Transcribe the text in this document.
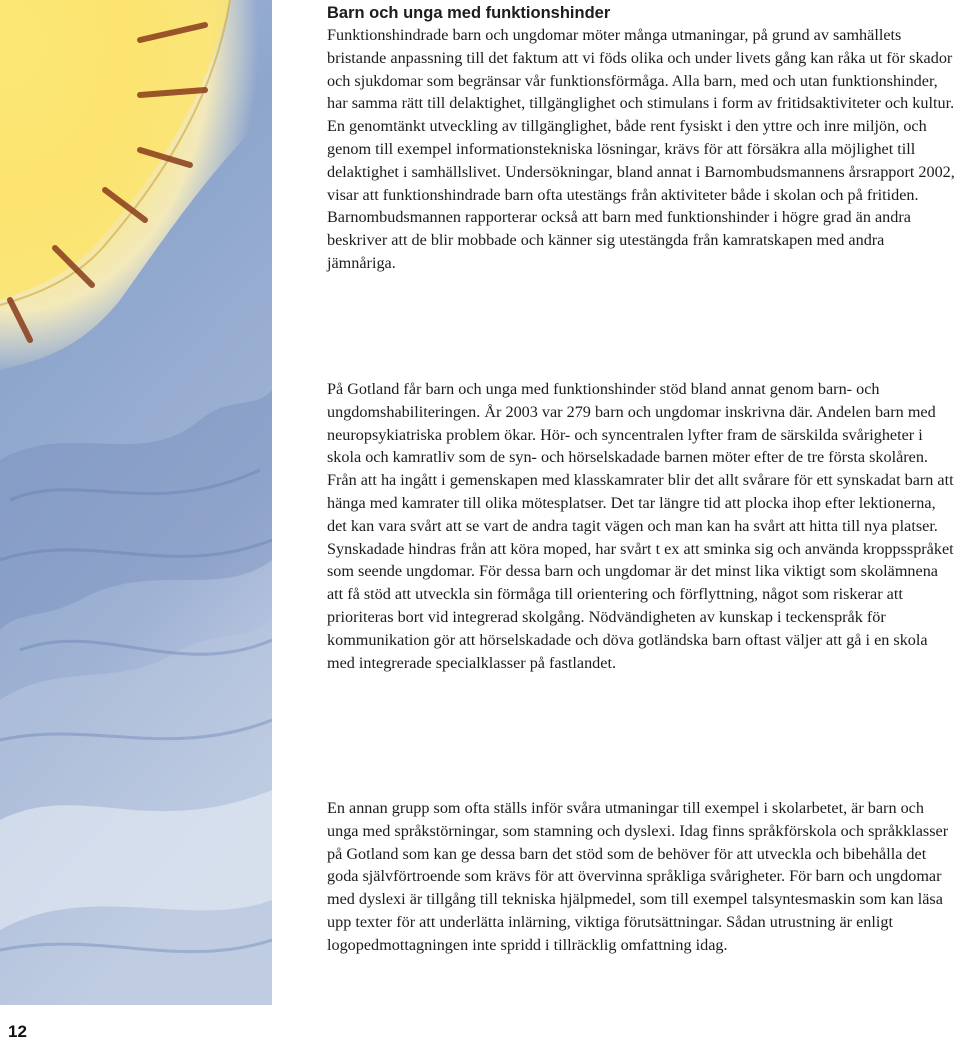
12
Barn och unga med funktionshinder

Funktionshindrade barn och ungdomar möter många utmaningar, på grund av samhällets bristande anpassning till det faktum att vi föds olika och under livets gång kan råka ut för skador och sjukdomar som begränsar vår funktionsförmåga. Alla barn, med och utan funktionshinder, har samma rätt till delaktighet, tillgänglighet och stimulans i form av fritidsaktiviteter och kultur. En genomtänkt utveckling av tillgänglighet, både rent fysiskt i den yttre och inre miljön, och genom till exempel informationstekniska lösningar, krävs för att försäkra alla möjlighet till delaktighet i samhällslivet. Undersökningar, bland annat i Barnombudsmannens årsrapport 2002, visar att funktionshindrade barn ofta utestängs från aktiviteter både i skolan och på fritiden. Barnombudsmannen rapporterar också att barn med funktionshinder i högre grad än andra beskriver att de blir mobbade och känner sig utestängda från kamratskapen med andra jämnåriga.

På Gotland får barn och unga med funktionshinder stöd bland annat genom barn- och ungdomshabiliteringen. År 2003 var 279 barn och ungdomar inskrivna där. Andelen barn med neuropsykiatriska problem ökar. Hör- och syncentralen lyfter fram de särskilda svårigheter i skola och kamratliv som de syn- och hörselskadade barnen möter efter de tre första skolåren. Från att ha ingått i gemenskapen med klasskamrater blir det allt svårare för ett synskadat barn att hänga med kamrater till olika mötesplatser. Det tar längre tid att plocka ihop efter lektionerna, det kan vara svårt att se vart de andra tagit vägen och man kan ha svårt att hitta till nya platser. Synskadade hindras från att köra moped, har svårt t ex att sminka sig och använda kroppsspråket som seende ungdomar. För dessa barn och ungdomar är det minst lika viktigt som skolämnena att få stöd att utveckla sin förmåga till orientering och förflyttning, något som riskerar att prioriteras bort vid integrerad skolgång. Nödvändigheten av kunskap i teckenspråk för kommunikation gör att hörselskadade och döva gotländska barn oftast väljer att gå i en skola med integrerade specialklasser på fastlandet.

En annan grupp som ofta ställs inför svåra utmaningar till exempel i skolarbetet, är barn och unga med språkstörningar, som stamning och dyslexi. Idag finns språkförskola och språkklasser på Gotland som kan ge dessa barn det stöd som de behöver för att utveckla och bibehålla det goda självförtroende som krävs för att övervinna språkliga svårigheter. För barn och ungdomar med dyslexi är tillgång till tekniska hjälpmedel, som till exempel talsyntesmaskin som kan läsa upp texter för att underlätta inlärning, viktiga förutsättningar. Sådan utrustning är enligt logopedmottagningen inte spridd i tillräcklig omfattning idag.
